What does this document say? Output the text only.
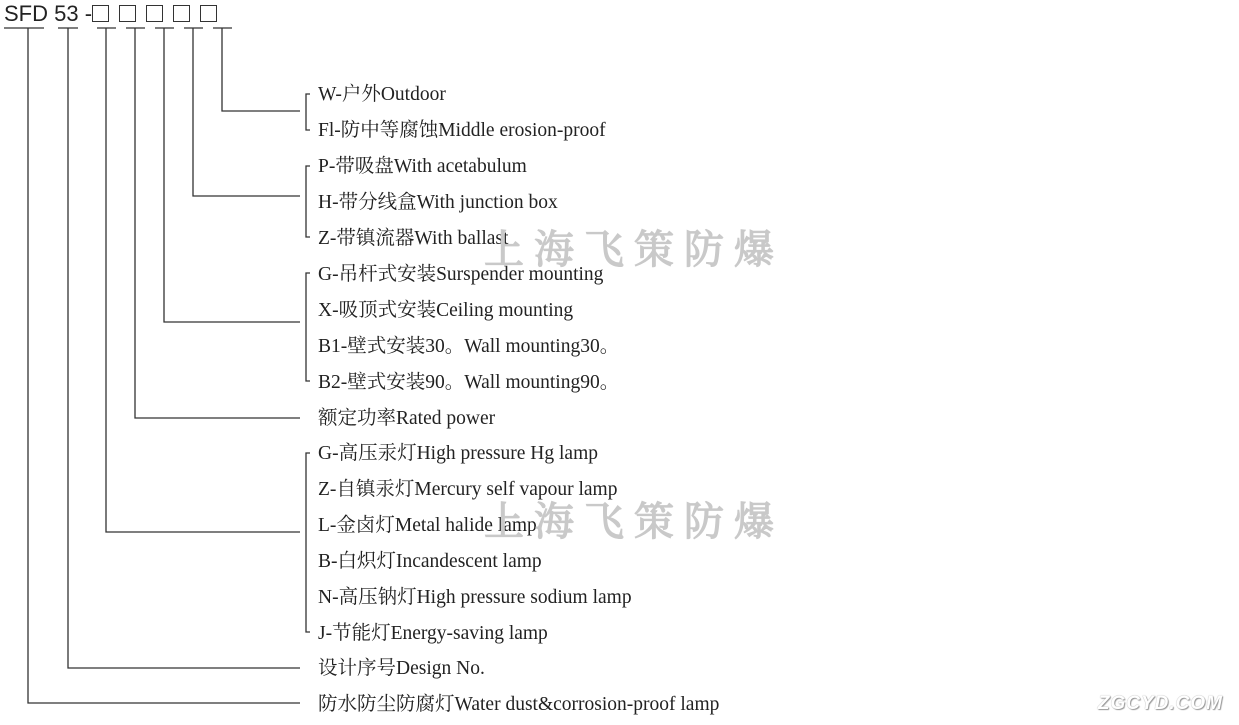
SFD 53 -
W-户外Outdoor
Fl-防中等腐蚀Middle erosion-proof
P-带吸盘With acetabulum
H-带分线盒With junction box
Z-带镇流器With ballast
G-吊杆式安装Surspender mounting
X-吸顶式安装Ceiling mounting
B1-壁式安装30。Wall mounting30。
B2-壁式安装90。Wall mounting90。
额定功率Rated power
G-高压汞灯High pressure Hg lamp
Z-自镇汞灯Mercury self vapour lamp
L-金卤灯Metal halide lamp
B-白炽灯Incandescent lamp
N-高压钠灯High pressure sodium lamp
J-节能灯Energy-saving lamp
设计序号Design No.
防水防尘防腐灯Water dust&corrosion-proof lamp
上海飞策防爆
上海飞策防爆
ZGCYD.COM
